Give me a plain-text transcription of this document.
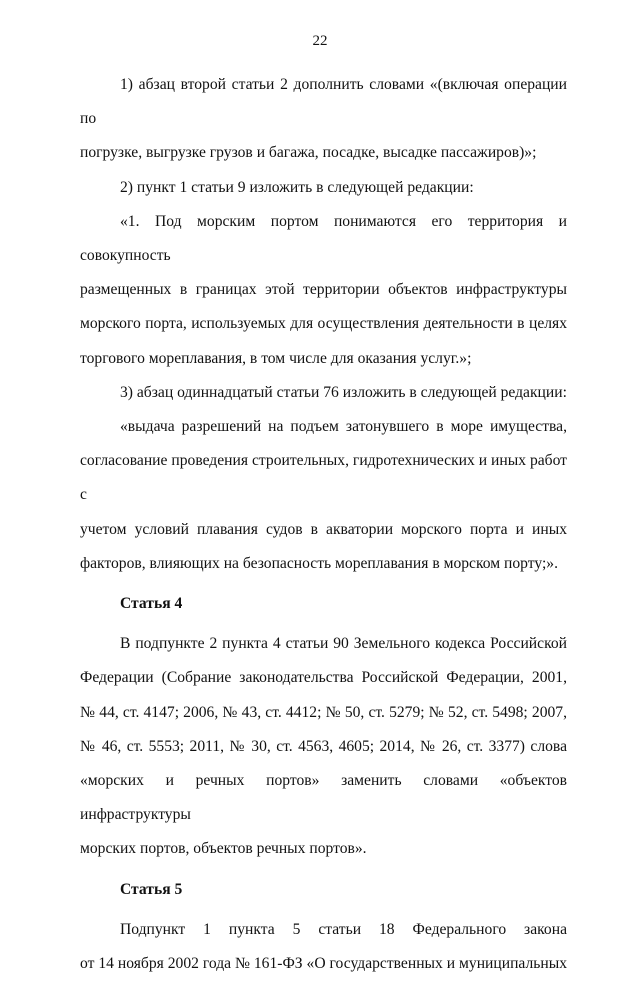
22
1) абзац второй статьи 2 дополнить словами «(включая операции по
погрузке, выгрузке грузов и багажа, посадке, высадке пассажиров)»;
2) пункт 1 статьи 9 изложить в следующей редакции:
«1. Под морским портом понимаются его территория и совокупность
размещенных в границах этой территории объектов инфраструктуры
морского порта, используемых для осуществления деятельности в целях
торгового мореплавания, в том числе для оказания услуг.»;
3) абзац одиннадцатый статьи 76 изложить в следующей редакции:
«выдача разрешений на подъем затонувшего в море имущества,
согласование проведения строительных, гидротехнических и иных работ с
учетом условий плавания судов в акватории морского порта и иных
факторов, влияющих на безопасность мореплавания в морском порту;».
Статья 4
В подпункте 2 пункта 4 статьи 90 Земельного кодекса Российской
Федерации (Собрание законодательства Российской Федерации, 2001,
№ 44, ст. 4147; 2006, № 43, ст. 4412; № 50, ст. 5279; № 52, ст. 5498; 2007,
№ 46, ст. 5553; 2011, № 30, ст. 4563, 4605; 2014, № 26, ст. 3377) слова
«морских и речных портов» заменить словами «объектов инфраструктуры
морских портов, объектов речных портов».
Статья 5
Подпункт 1 пункта 5 статьи 18 Федерального закона
от 14 ноября 2002 года № 161-ФЗ «О государственных и муниципальных
